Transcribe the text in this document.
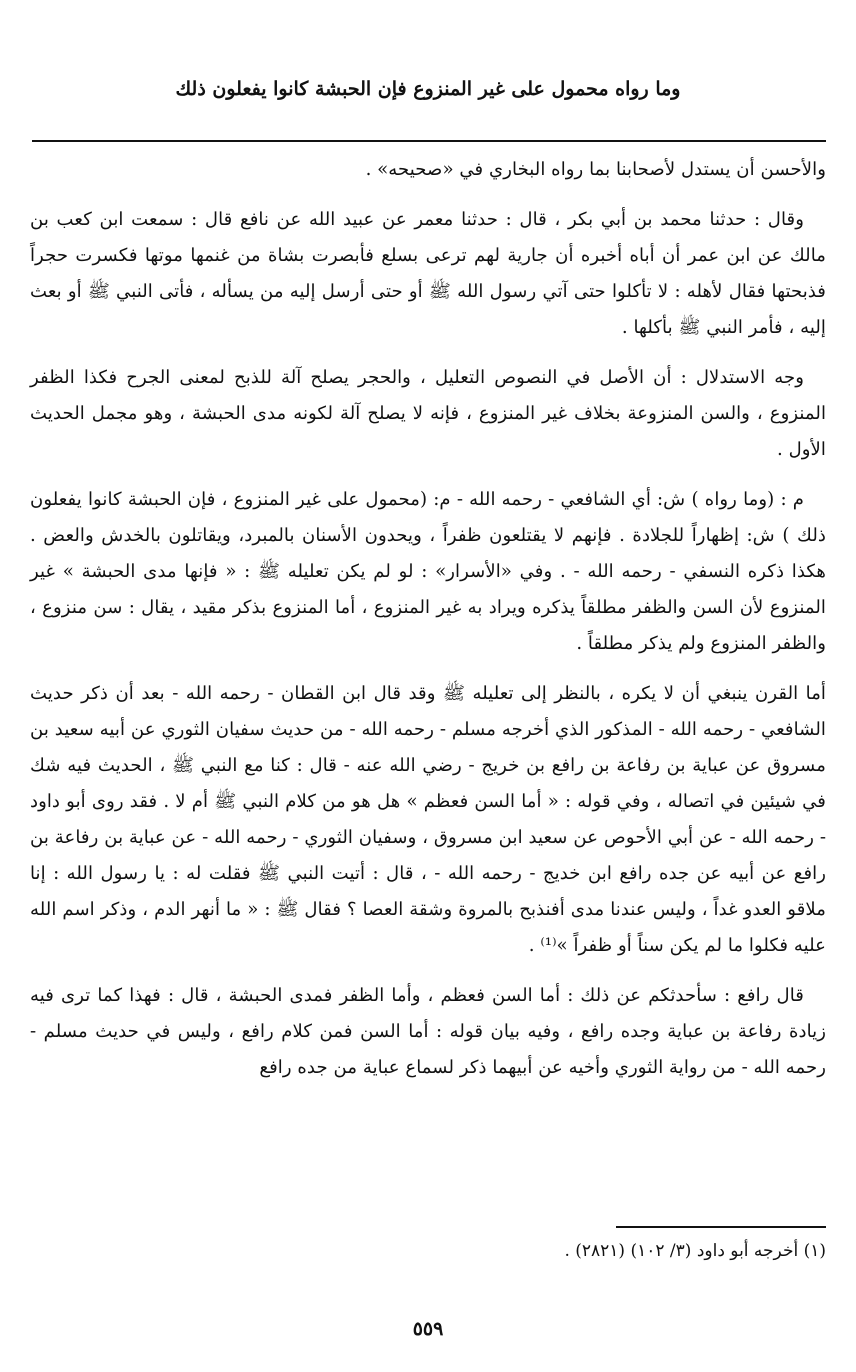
وما رواه محمول على غير المنزوع فإن الحبشة كانوا يفعلون ذلك

والأحسن أن يستدل لأصحابنا بما رواه البخاري في «صحيحه» .

وقال : حدثنا محمد بن أبي بكر ، قال : حدثنا معمر عن عبيد الله عن نافع قال : سمعت ابن كعب بن مالك عن ابن عمر أن أباه أخبره أن جارية لهم ترعى بسلع فأبصرت بشاة من غنمها موتها فكسرت حجراً فذبحتها فقال لأهله : لا تأكلوا حتى آتي رسول الله ﷺ أو حتى أرسل إليه من يسأله ، فأتى النبي ﷺ أو بعث إليه ، فأمر النبي ﷺ بأكلها .

وجه الاستدلال : أن الأصل في النصوص التعليل ، والحجر يصلح آلة للذبح لمعنى الجرح فكذا الظفر المنزوع ، والسن المنزوعة بخلاف غير المنزوع ، فإنه لا يصلح آلة لكونه مدى الحبشة ، وهو مجمل الحديث الأول .

م : (وما رواه ) ش: أي الشافعي - رحمه الله - م: (محمول على غير المنزوع ، فإن الحبشة كانوا يفعلون ذلك ) ش: إظهاراً للجلادة . فإنهم لا يقتلعون ظفراً ، ويحدون الأسنان بالمبرد، ويقاتلون بالخدش والعض . هكذا ذكره النسفي - رحمه الله - . وفي «الأسرار» : لو لم يكن تعليله ﷺ : « فإنها مدى الحبشة » غير المنزوع لأن السن والظفر مطلقاً يذكره ويراد به غير المنزوع ، أما المنزوع بذكر مقيد ، يقال : سن منزوع ، والظفر المنزوع ولم يذكر مطلقاً .

أما القرن ينبغي أن لا يكره ، بالنظر إلى تعليله ﷺ وقد قال ابن القطان - رحمه الله - بعد أن ذكر حديث الشافعي - رحمه الله - المذكور الذي أخرجه مسلم - رحمه الله - من حديث سفيان الثوري عن أبيه سعيد بن مسروق عن عباية بن رفاعة بن رافع بن خريج - رضي الله عنه - قال : كنا مع النبي ﷺ ، الحديث فيه شك في شيئين في اتصاله ، وفي قوله : « أما السن فعظم » هل هو من كلام النبي ﷺ أم لا . فقد روى أبو داود - رحمه الله - عن أبي الأحوص عن سعيد ابن مسروق ، وسفيان الثوري - رحمه الله - عن عباية بن رفاعة بن رافع عن أبيه عن جده رافع ابن خديج - رحمه الله - ، قال : أتيت النبي ﷺ فقلت له : يا رسول الله : إنا ملاقو العدو غداً ، وليس عندنا مدى أفنذبح بالمروة وشقة العصا ؟ فقال ﷺ : « ما أنهر الدم ، وذكر اسم الله عليه فكلوا ما لم يكن سناً أو ظفراً »⁽¹⁾ .

قال رافع : سأحدثكم عن ذلك : أما السن فعظم ، وأما الظفر فمدى الحبشة ، قال : فهذا كما ترى فيه زيادة رفاعة بن عباية وجده رافع ، وفيه بيان قوله : أما السن فمن كلام رافع ، وليس في حديث مسلم - رحمه الله - من رواية الثوري وأخيه عن أبيهما ذكر لسماع عباية من جده رافع

(١) أخرجه أبو داود (٣/ ١٠٢) (٢٨٢١) .
٥٥٩
